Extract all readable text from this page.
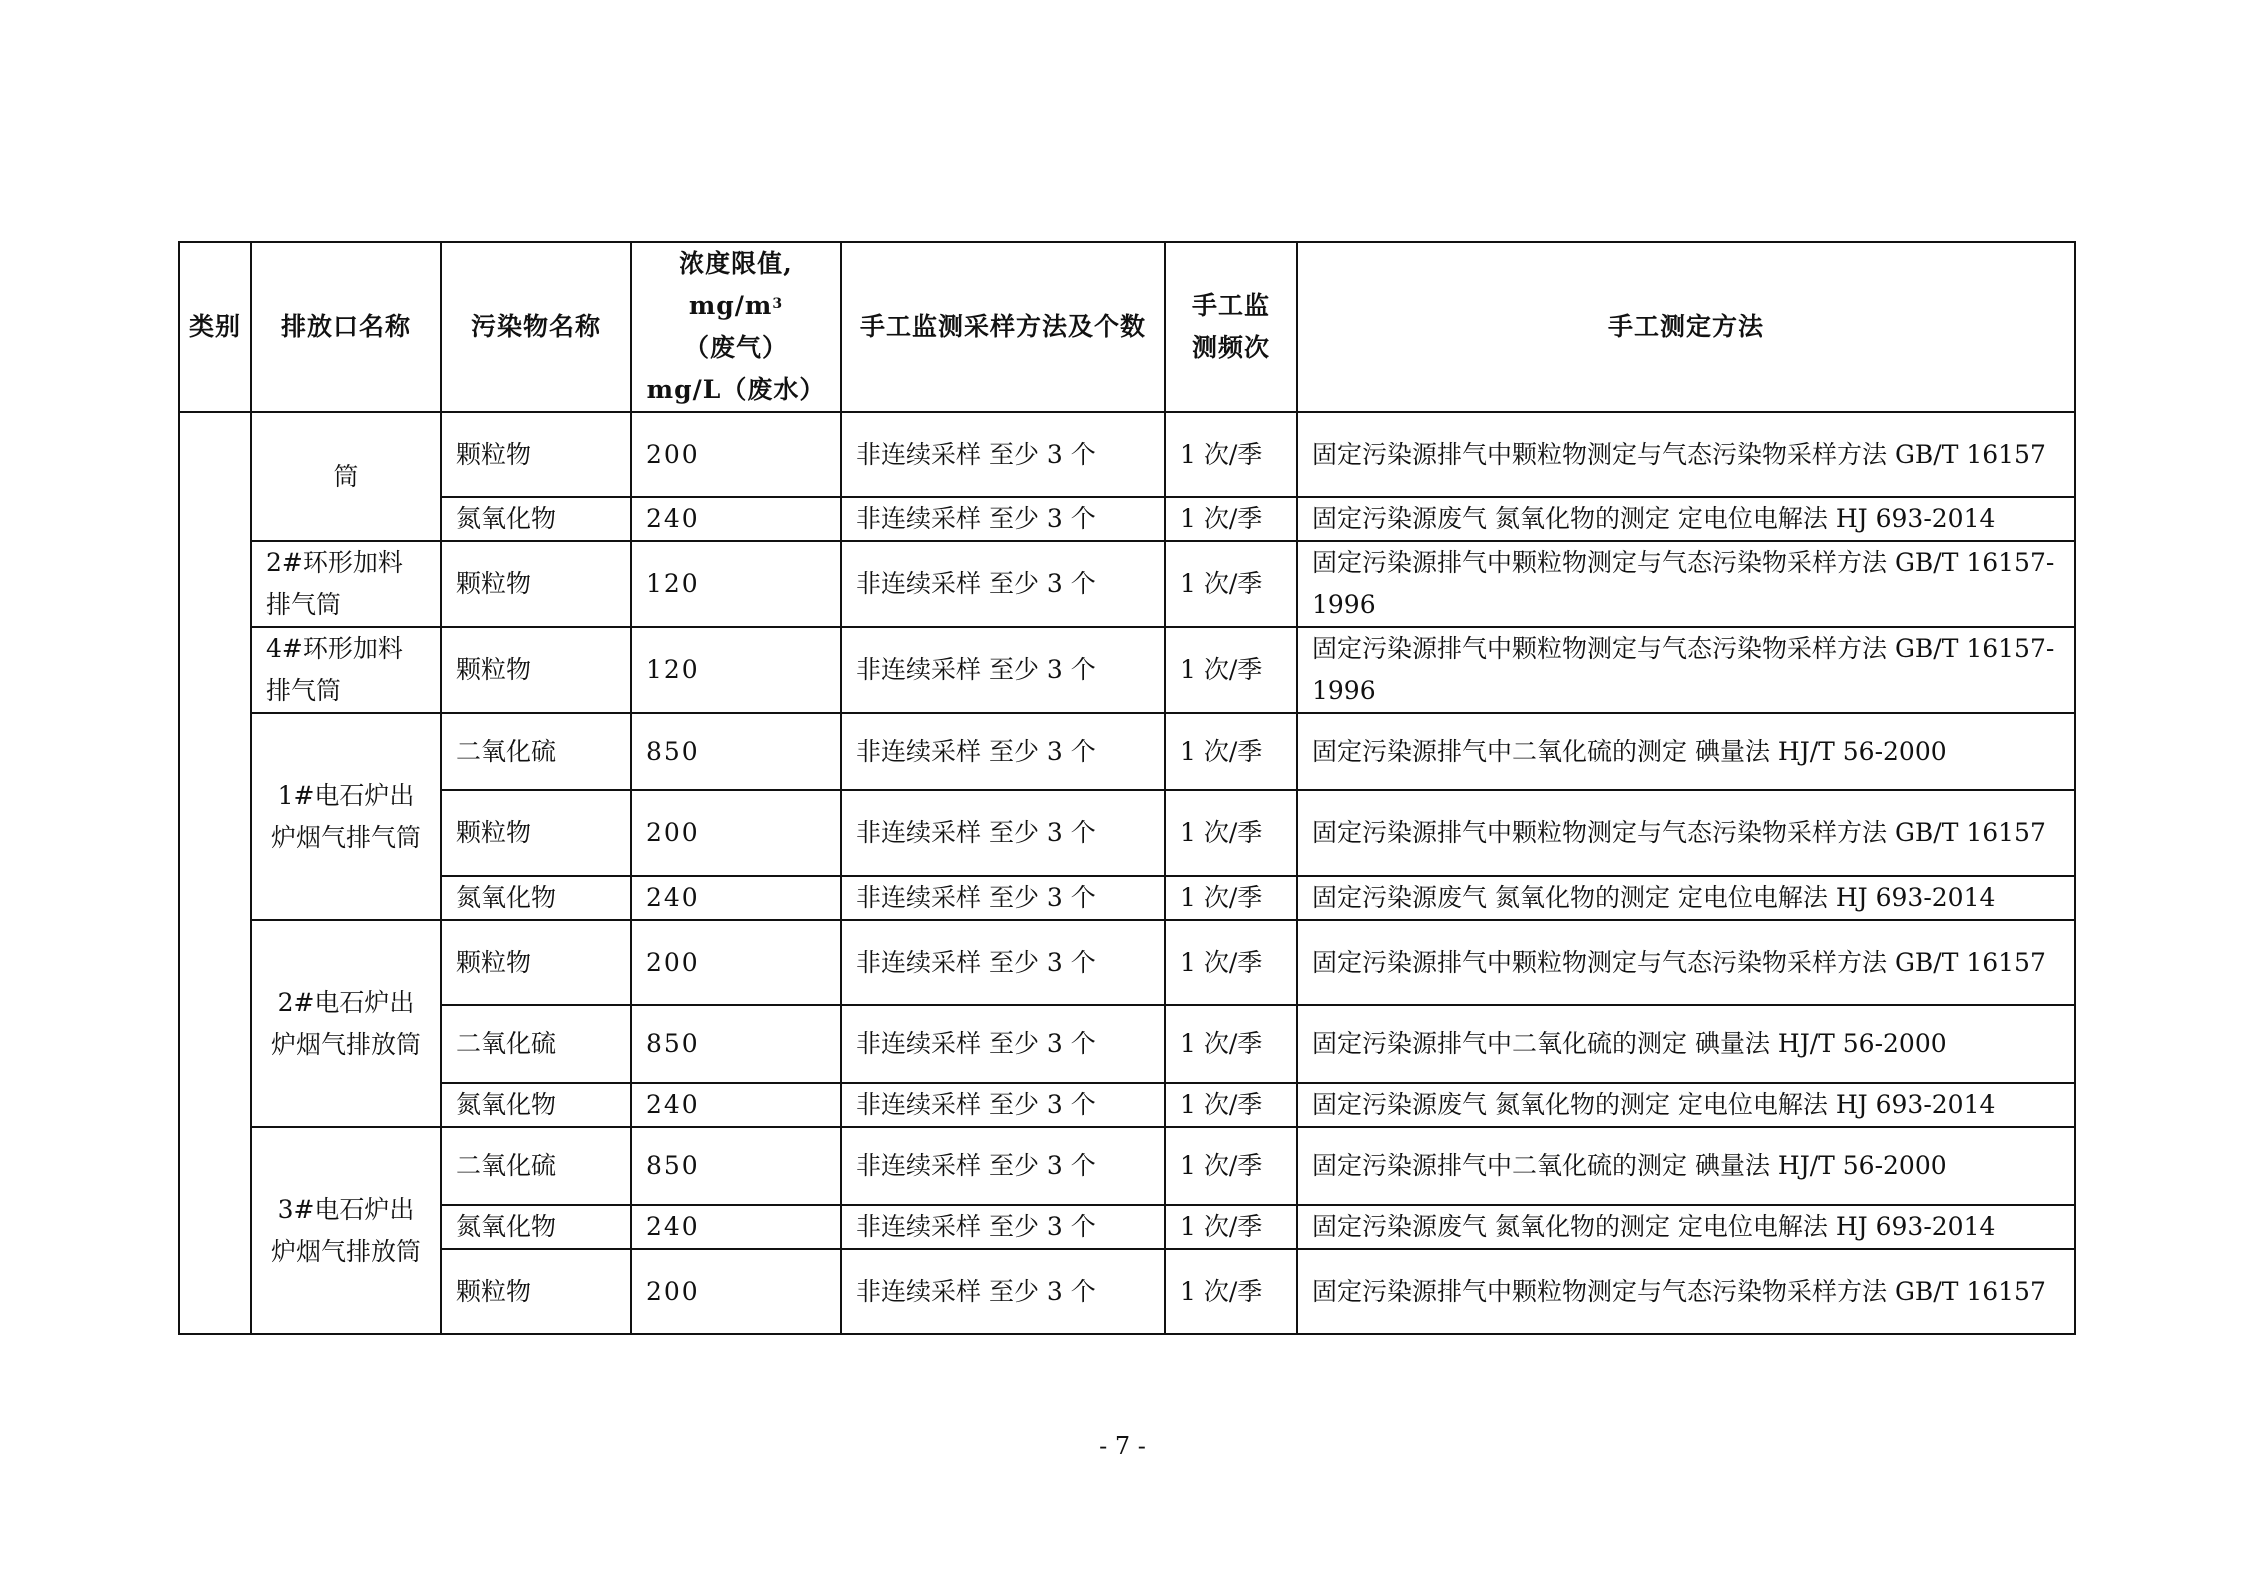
类别	排放口名称	污染物名称	浓度限值,
$mg/m^3$（废气）
mg/L（废水）	手工监测采样方法及个数	手工监测频次	手工测定方法
	筒	颗粒物	200	非连续采样 至少 3 个	1 次/季	固定污染源排气中颗粒物测定与气态污染物采样方法 GB/T 16157
		氮氧化物	240	非连续采样 至少 3 个	1 次/季	固定污染源废气 氮氧化物的测定 定电位电解法 HJ 693-2014
	2#环形加料排气筒	颗粒物	120	非连续采样 至少 3 个	1 次/季	固定污染源排气中颗粒物测定与气态污染物采样方法 GB/T 16157-1996
	4#环形加料排气筒	颗粒物	120	非连续采样 至少 3 个	1 次/季	固定污染源排气中颗粒物测定与气态污染物采样方法 GB/T 16157-1996
	1#电石炉出炉烟气排气筒	二氧化硫	850	非连续采样 至少 3 个	1 次/季	固定污染源排气中二氧化硫的测定 碘量法 HJ/T 56-2000
		颗粒物	200	非连续采样 至少 3 个	1 次/季	固定污染源排气中颗粒物测定与气态污染物采样方法 GB/T 16157
		氮氧化物	240	非连续采样 至少 3 个	1 次/季	固定污染源废气 氮氧化物的测定 定电位电解法 HJ 693-2014
	2#电石炉出炉烟气排放筒	颗粒物	200	非连续采样 至少 3 个	1 次/季	固定污染源排气中颗粒物测定与气态污染物采样方法 GB/T 16157
		二氧化硫	850	非连续采样 至少 3 个	1 次/季	固定污染源排气中二氧化硫的测定 碘量法 HJ/T 56-2000
		氮氧化物	240	非连续采样 至少 3 个	1 次/季	固定污染源废气 氮氧化物的测定 定电位电解法 HJ 693-2014
	3#电石炉出炉烟气排放筒	二氧化硫	850	非连续采样 至少 3 个	1 次/季	固定污染源排气中二氧化硫的测定 碘量法 HJ/T 56-2000
		氮氧化物	240	非连续采样 至少 3 个	1 次/季	固定污染源废气 氮氧化物的测定 定电位电解法 HJ 693-2014
		颗粒物	200	非连续采样 至少 3 个	1 次/季	固定污染源排气中颗粒物测定与气态污染物采样方法 GB/T 16157
- 7 -
